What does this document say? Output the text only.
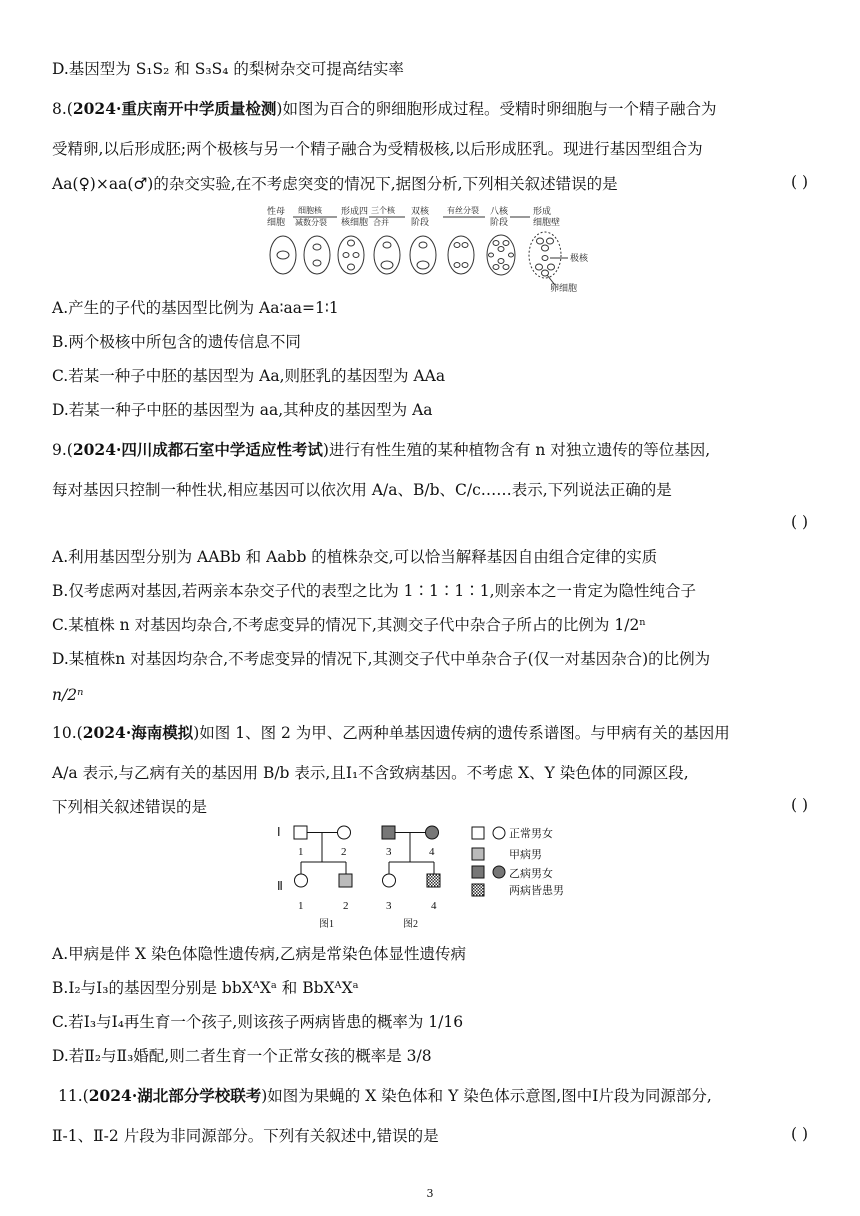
D.基因型为 S₁S₂ 和 S₃S₄ 的梨树杂交可提高结实率
8.(2024·重庆南开中学质量检测)如图为百合的卵细胞形成过程。受精时卵细胞与一个精子融合为
受精卵,以后形成胚;两个极核与另一个精子融合为受精极核,以后形成胚乳。现进行基因型组合为
Aa(♀)×aa(♂)的杂交实验,在不考虑突变的情况下,据图分析,下列相关叙述错误的是	( )
性母
细胞
形成四
核细胞
双核
阶段
八核
阶段
形成
细胞壁
细胞核
减数分裂
三个核
合并
有丝分裂
极核
卵细胞
A.产生的子代的基因型比例为 Aa∶aa=1∶1
B.两个极核中所包含的遗传信息不同
C.若某一种子中胚的基因型为 Aa,则胚乳的基因型为 AAa
D.若某一种子中胚的基因型为 aa,其种皮的基因型为 Aa
9.(2024·四川成都石室中学适应性考试)进行有性生殖的某种植物含有 n 对独立遗传的等位基因,
每对基因只控制一种性状,相应基因可以依次用 A/a、B/b、C/c……表示,下列说法正确的是
( )
A.利用基因型分别为 AABb 和 Aabb 的植株杂交,可以恰当解释基因自由组合定律的实质
B.仅考虑两对基因,若两亲本杂交子代的表型之比为 1∶1∶1∶1,则亲本之一肯定为隐性纯合子
C.某植株 n 对基因均杂合,不考虑变异的情况下,其测交子代中杂合子所占的比例为 1/2ⁿ
D.某植株n 对基因均杂合,不考虑变异的情况下,其测交子代中单杂合子(仅一对基因杂合)的比例为
n/2ⁿ
10.(2024·海南模拟)如图 1、图 2 为甲、乙两种单基因遗传病的遗传系谱图。与甲病有关的基因用
A/a 表示,与乙病有关的基因用 B/b 表示,且Ⅰ₁不含致病基因。不考虑 X、Y 染色体的同源区段,
下列相关叙述错误的是	( )
Ⅰ
Ⅱ
1	2	3	4
1	2	3	4
图1	图2
正常男女
甲病男
乙病男女
两病皆患男
A.甲病是伴 X 染色体隐性遗传病,乙病是常染色体显性遗传病
B.Ⅰ₂与Ⅰ₃的基因型分别是 bbXᴬXᵃ 和 BbXᴬXᵃ
C.若Ⅰ₃与Ⅰ₄再生育一个孩子,则该孩子两病皆患的概率为 1/16
D.若Ⅱ₂与Ⅱ₃婚配,则二者生育一个正常女孩的概率是 3/8
11.(2024·湖北部分学校联考)如图为果蝇的 X 染色体和 Y 染色体示意图,图中Ⅰ片段为同源部分,
Ⅱ-1、Ⅱ-2 片段为非同源部分。下列有关叙述中,错误的是	( )
3
